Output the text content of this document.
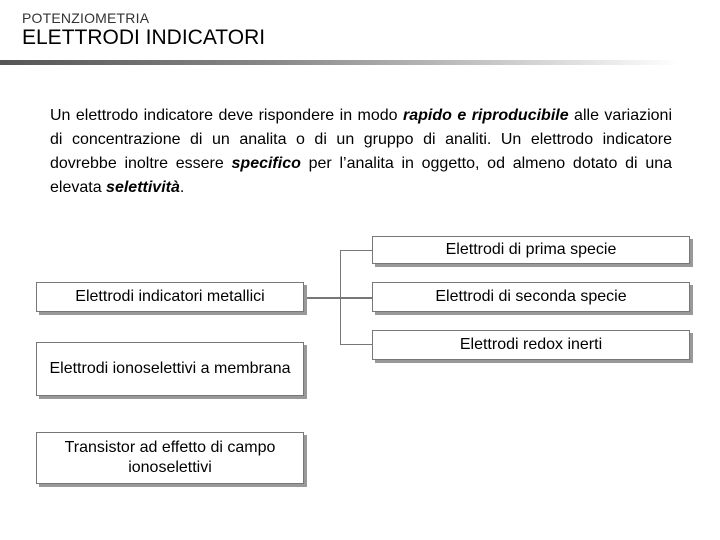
POTENZIOMETRIA
ELETTRODI INDICATORI

Un elettrodo indicatore deve rispondere in modo rapido e riproducibile alle variazioni di concentrazione di un analita o di un gruppo di analiti. Un elettrodo indicatore dovrebbe inoltre essere specifico per l’analita in oggetto, od almeno dotato di una elevata selettività.

Elettrodi indicatori metallici
Elettrodi ionoselettivi a membrana
Transistor ad effetto di campo ionoselettivi
Elettrodi di prima specie
Elettrodi di seconda specie
Elettrodi redox inerti
